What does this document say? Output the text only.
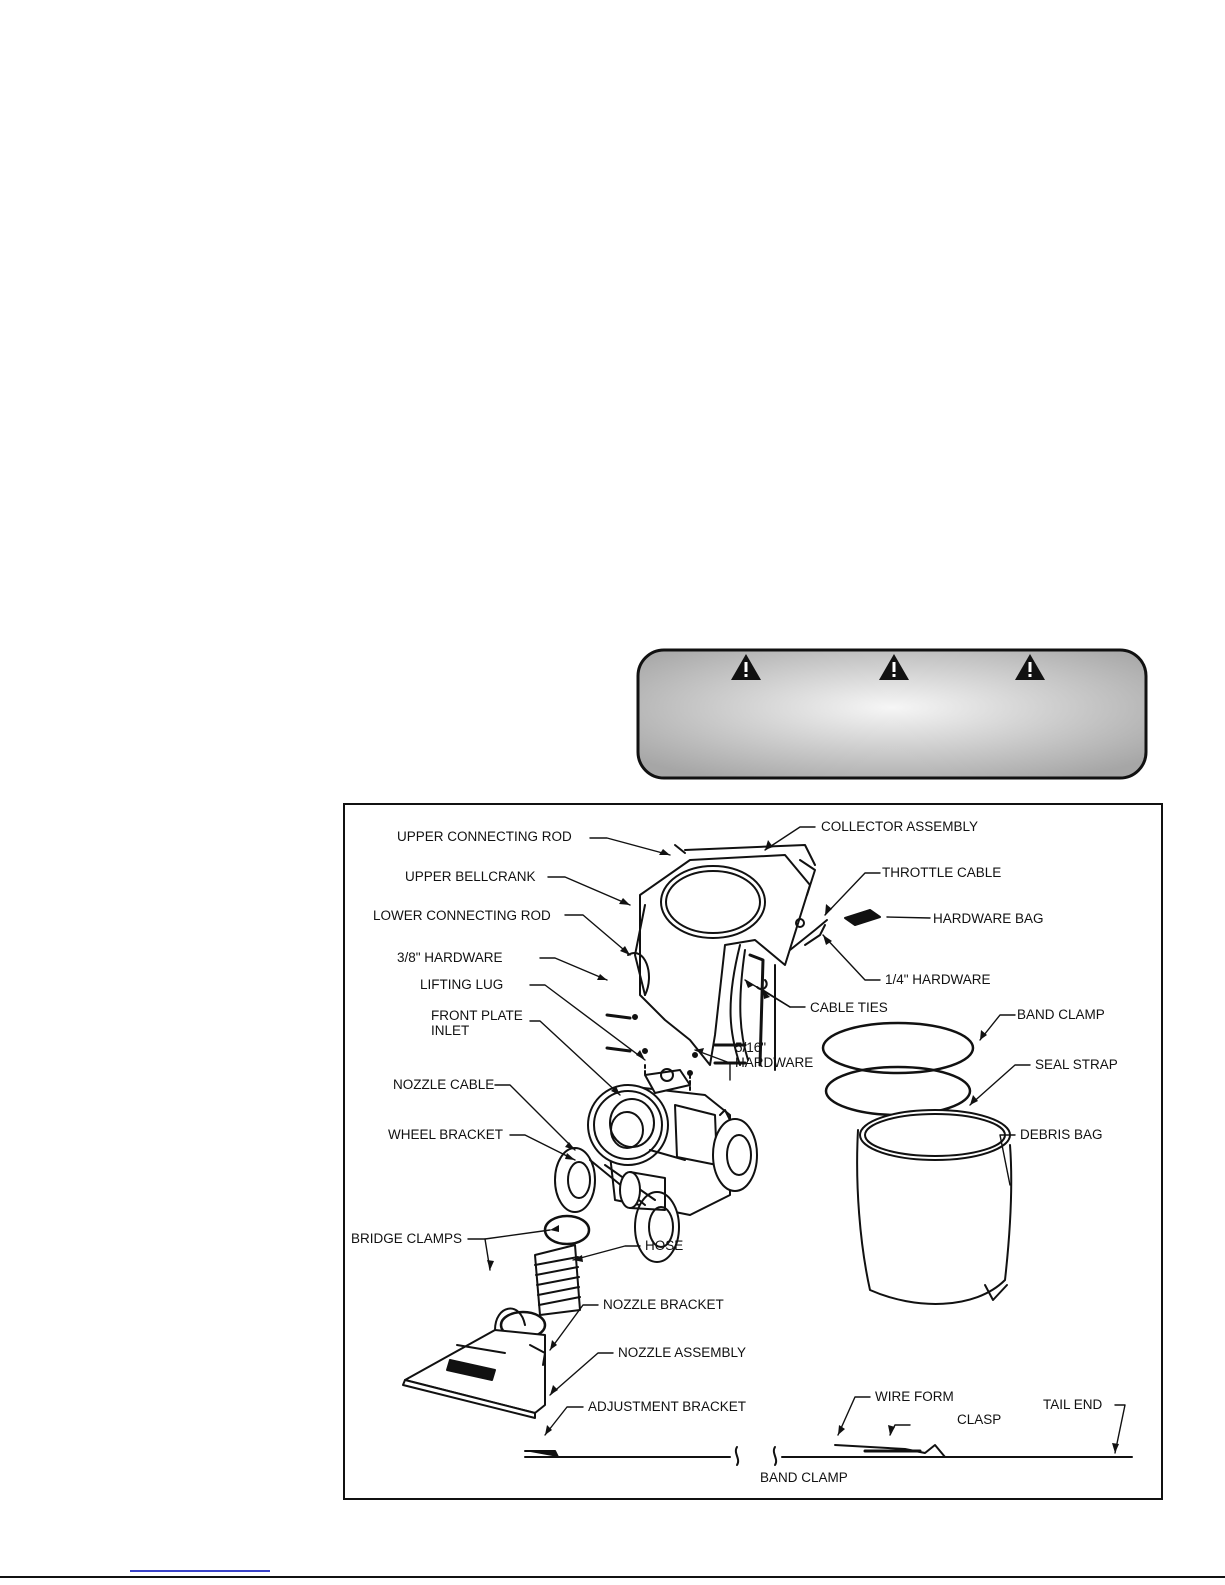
UPPER CONNECTING ROD
COLLECTOR ASSEMBLY
UPPER BELLCRANK	THROTTLE CABLE
LOWER CONNECTING ROD	HARDWARE BAG
3/8" HARDWARE
1/4" HARDWARE
LIFTING LUG
CABLE TIES
FRONT PLATE
INLET
BAND CLAMP
5/16"
HARDWARE	SEAL STRAP
NOZZLE CABLE
WHEEL BRACKET	DEBRIS BAG
BRIDGE CLAMPS	HOSE
NOZZLE BRACKET
NOZZLE ASSEMBLY
ADJUSTMENT BRACKET
WIRE FORM
CLASP
TAIL END
BAND CLAMP
